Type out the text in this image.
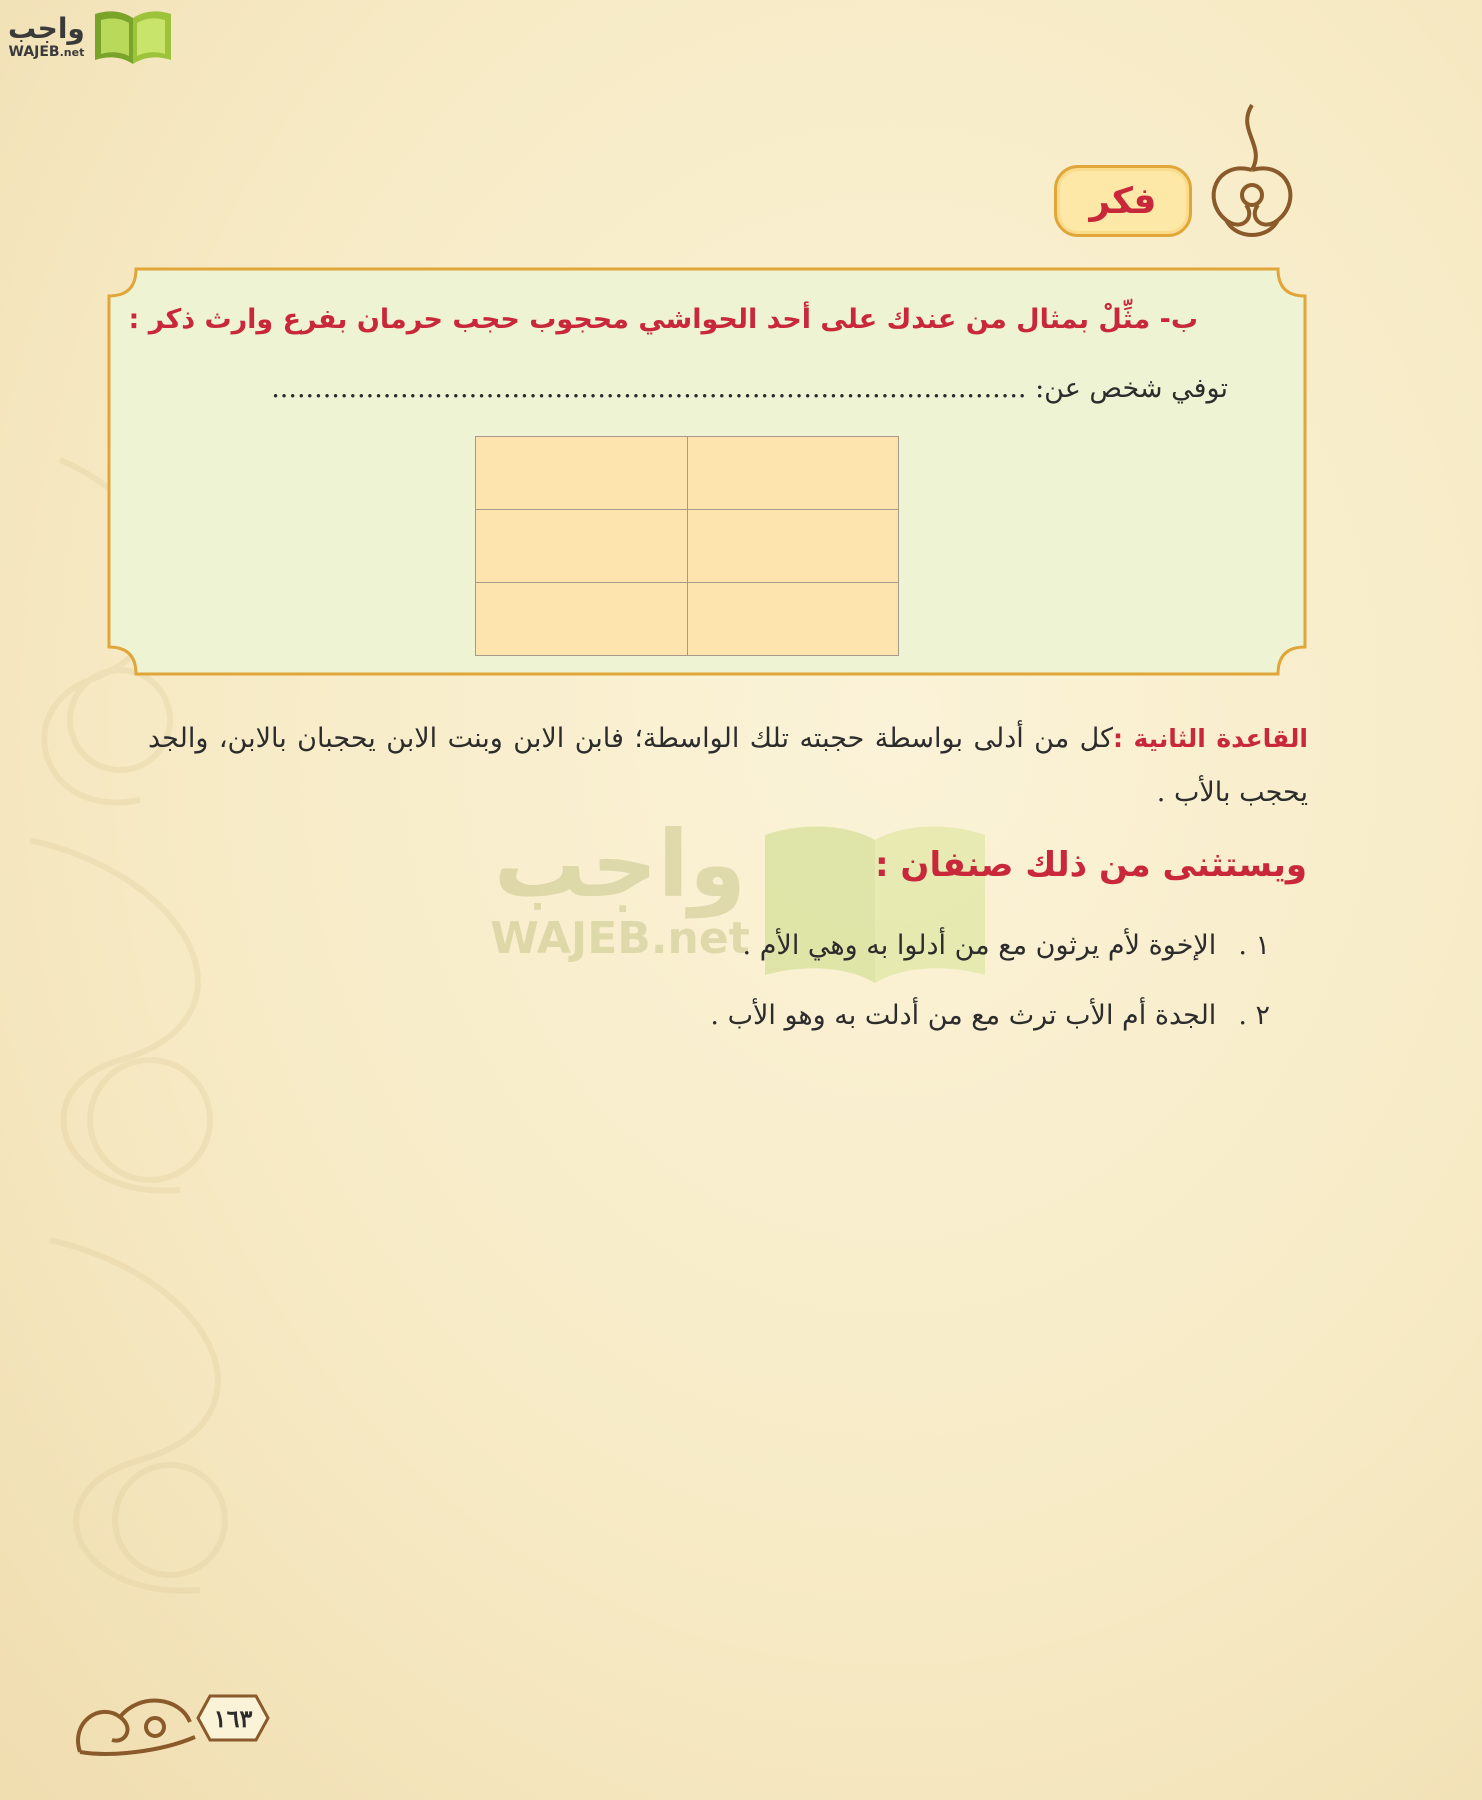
واجب
WAJEB.net
فكر
ب- مثِّلْ بمثال من عندك على أحد الحواشي محجوب حجب حرمان بفرع وارث ذكر :
توفي شخص عن: ........................................................................................

واجب
WAJEB.net
القاعدة الثانية :كل من أدلى بواسطة حجبته تلك الواسطة؛ فابن الابن وبنت الابن يحجبان بالابن، والجد يحجب بالأب .
ويستثنى من ذلك صنفان :
١ .الإخوة لأم يرثون مع من أدلوا به وهي الأم .
٢ .الجدة أم الأب ترث مع من أدلت به وهو الأب .
١٦٣
